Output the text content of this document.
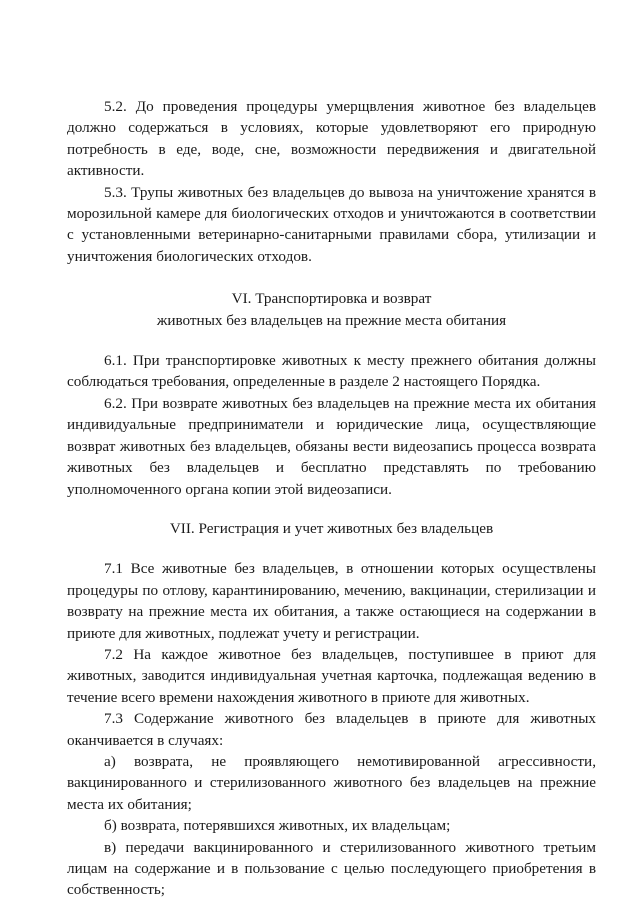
5.2. До проведения процедуры умерщвления животное без владельцев должно содержаться в условиях, которые удовлетворяют его природную потребность в еде, воде, сне, возможности передвижения и двигательной активности.

5.3. Трупы животных без владельцев до вывоза на уничтожение хранятся в морозильной камере для биологических отходов и уничтожаются в соответствии с установленными ветеринарно-санитарными правилами сбора, утилизации и уничтожения биологических отходов.

VI. Транспортировка и возврат
животных без владельцев на прежние места обитания

6.1. При транспортировке животных к месту прежнего обитания должны соблюдаться требования, определенные в разделе 2 настоящего Порядка.

6.2. При возврате животных без владельцев на прежние места их обитания индивидуальные предприниматели и юридические лица, осуществляющие возврат животных без владельцев, обязаны вести видеозапись процесса возврата животных без владельцев и бесплатно представлять по требованию уполномоченного органа копии этой видеозаписи.

VII. Регистрация и учет животных без владельцев

7.1 Все животные без владельцев, в отношении которых осуществлены процедуры по отлову, карантинированию, мечению, вакцинации, стерилизации и возврату на прежние места их обитания, а также остающиеся на содержании в приюте для животных, подлежат учету и регистрации.

7.2 На каждое животное без владельцев, поступившее в приют для животных, заводится индивидуальная учетная карточка, подлежащая ведению в течение всего времени нахождения животного в приюте для животных.

7.3 Содержание животного без владельцев в приюте для животных оканчивается в случаях:

а) возврата, не проявляющего немотивированной агрессивности, вакцинированного и стерилизованного животного без владельцев на прежние места их обитания;

б) возврата, потерявшихся животных, их владельцам;

в) передачи вакцинированного и стерилизованного животного третьим лицам на содержание и в пользование с целью последующего приобретения в собственность;
